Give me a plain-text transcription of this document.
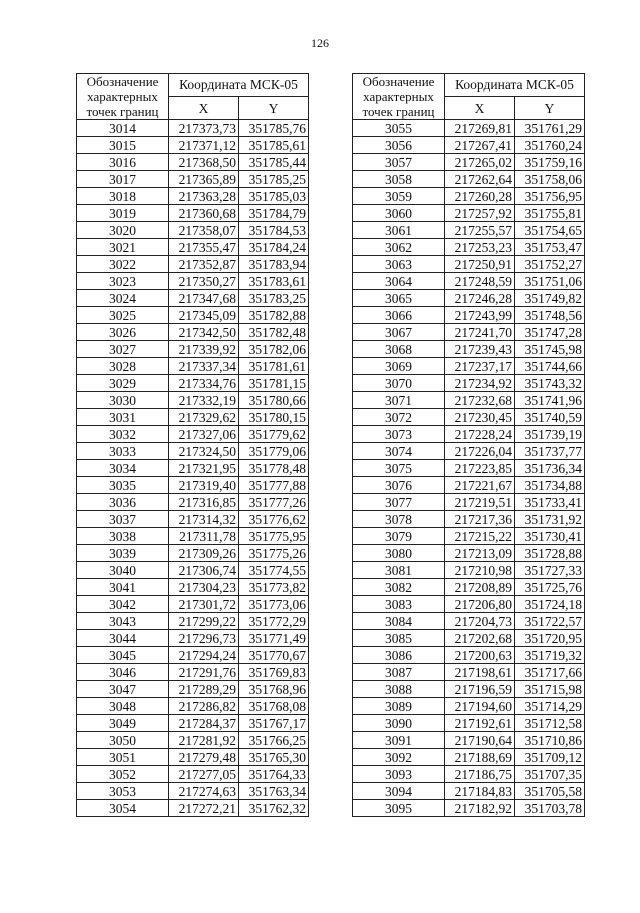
126
Обозначение характерных точек границ	Координата МСК-05	
	X	Y
3014	217373,73	351785,76
3015	217371,12	351785,61
3016	217368,50	351785,44
3017	217365,89	351785,25
3018	217363,28	351785,03
3019	217360,68	351784,79
3020	217358,07	351784,53
3021	217355,47	351784,24
3022	217352,87	351783,94
3023	217350,27	351783,61
3024	217347,68	351783,25
3025	217345,09	351782,88
3026	217342,50	351782,48
3027	217339,92	351782,06
3028	217337,34	351781,61
3029	217334,76	351781,15
3030	217332,19	351780,66
3031	217329,62	351780,15
3032	217327,06	351779,62
3033	217324,50	351779,06
3034	217321,95	351778,48
3035	217319,40	351777,88
3036	217316,85	351777,26
3037	217314,32	351776,62
3038	217311,78	351775,95
3039	217309,26	351775,26
3040	217306,74	351774,55
3041	217304,23	351773,82
3042	217301,72	351773,06
3043	217299,22	351772,29
3044	217296,73	351771,49
3045	217294,24	351770,67
3046	217291,76	351769,83
3047	217289,29	351768,96
3048	217286,82	351768,08
3049	217284,37	351767,17
3050	217281,92	351766,25
3051	217279,48	351765,30
3052	217277,05	351764,33
3053	217274,63	351763,34
3054	217272,21	351762,32
Обозначение характерных точек границ	Координата МСК-05	
	X	Y
3055	217269,81	351761,29
3056	217267,41	351760,24
3057	217265,02	351759,16
3058	217262,64	351758,06
3059	217260,28	351756,95
3060	217257,92	351755,81
3061	217255,57	351754,65
3062	217253,23	351753,47
3063	217250,91	351752,27
3064	217248,59	351751,06
3065	217246,28	351749,82
3066	217243,99	351748,56
3067	217241,70	351747,28
3068	217239,43	351745,98
3069	217237,17	351744,66
3070	217234,92	351743,32
3071	217232,68	351741,96
3072	217230,45	351740,59
3073	217228,24	351739,19
3074	217226,04	351737,77
3075	217223,85	351736,34
3076	217221,67	351734,88
3077	217219,51	351733,41
3078	217217,36	351731,92
3079	217215,22	351730,41
3080	217213,09	351728,88
3081	217210,98	351727,33
3082	217208,89	351725,76
3083	217206,80	351724,18
3084	217204,73	351722,57
3085	217202,68	351720,95
3086	217200,63	351719,32
3087	217198,61	351717,66
3088	217196,59	351715,98
3089	217194,60	351714,29
3090	217192,61	351712,58
3091	217190,64	351710,86
3092	217188,69	351709,12
3093	217186,75	351707,35
3094	217184,83	351705,58
3095	217182,92	351703,78
